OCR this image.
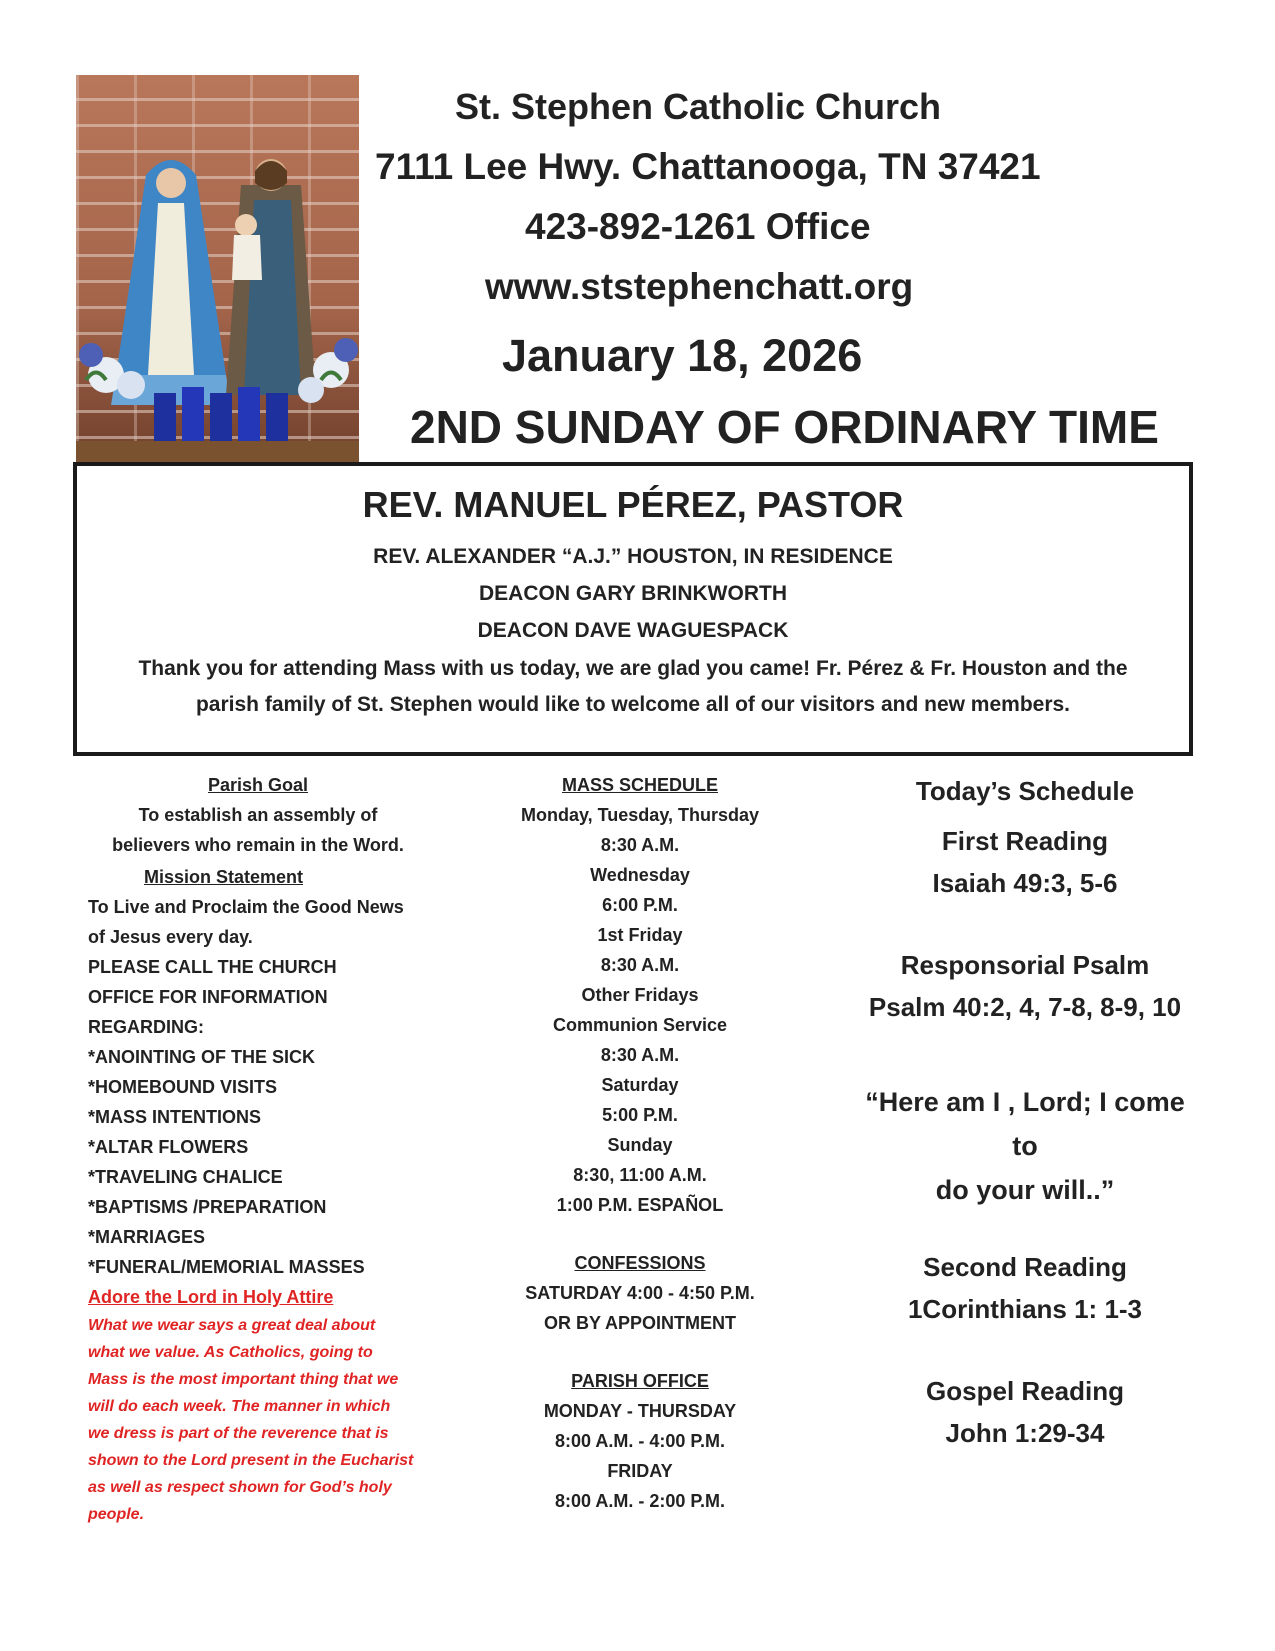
St. Stephen Catholic Church

7111 Lee Hwy. Chattanooga, TN 37421

423-892-1261 Office

www.ststephenchatt.org

January 18, 2026

2ND SUNDAY OF ORDINARY TIME

REV. MANUEL PÉREZ, PASTOR

REV. ALEXANDER “A.J.” HOUSTON, IN RESIDENCE

DEACON GARY BRINKWORTH

DEACON DAVE WAGUESPACK

Thank you for attending Mass with us today, we are glad you came! Fr. Pérez & Fr. Houston and the parish family of St. Stephen would like to welcome all of our visitors and new members.

Parish Goal

To establish an assembly of

believers who remain in the Word.

Mission Statement

To Live and Proclaim the Good News

of Jesus every day.

PLEASE CALL THE CHURCH

OFFICE FOR INFORMATION

REGARDING:

*ANOINTING OF THE SICK

*HOMEBOUND VISITS

*MASS INTENTIONS

*ALTAR FLOWERS

*TRAVELING CHALICE

*BAPTISMS /PREPARATION

*MARRIAGES

*FUNERAL/MEMORIAL MASSES

Adore the Lord in Holy Attire

What we wear says a great deal about

what we value. As Catholics, going to

Mass is the most important thing that we

will do each week. The manner in which

we dress is part of the reverence that is

shown to the Lord present in the Eucharist

as well as respect shown for God’s holy

people.

MASS SCHEDULE

Monday, Tuesday, Thursday

8:30 A.M.

Wednesday

6:00 P.M.

1st Friday

8:30 A.M.

Other Fridays

Communion Service

8:30 A.M.

Saturday

5:00 P.M.

Sunday

8:30, 11:00 A.M.

1:00 P.M. ESPAÑOL

CONFESSIONS

SATURDAY 4:00 - 4:50 P.M.

OR BY APPOINTMENT

PARISH OFFICE

MONDAY - THURSDAY

8:00 A.M. - 4:00 P.M.

FRIDAY

8:00 A.M. - 2:00 P.M.

Today’s Schedule

First Reading

Isaiah 49:3, 5-6

Responsorial Psalm

Psalm 40:2, 4, 7-8, 8-9, 10

“Here am I , Lord; I come to

do your will..”

Second Reading

1Corinthians 1: 1-3

Gospel Reading

John 1:29-34
